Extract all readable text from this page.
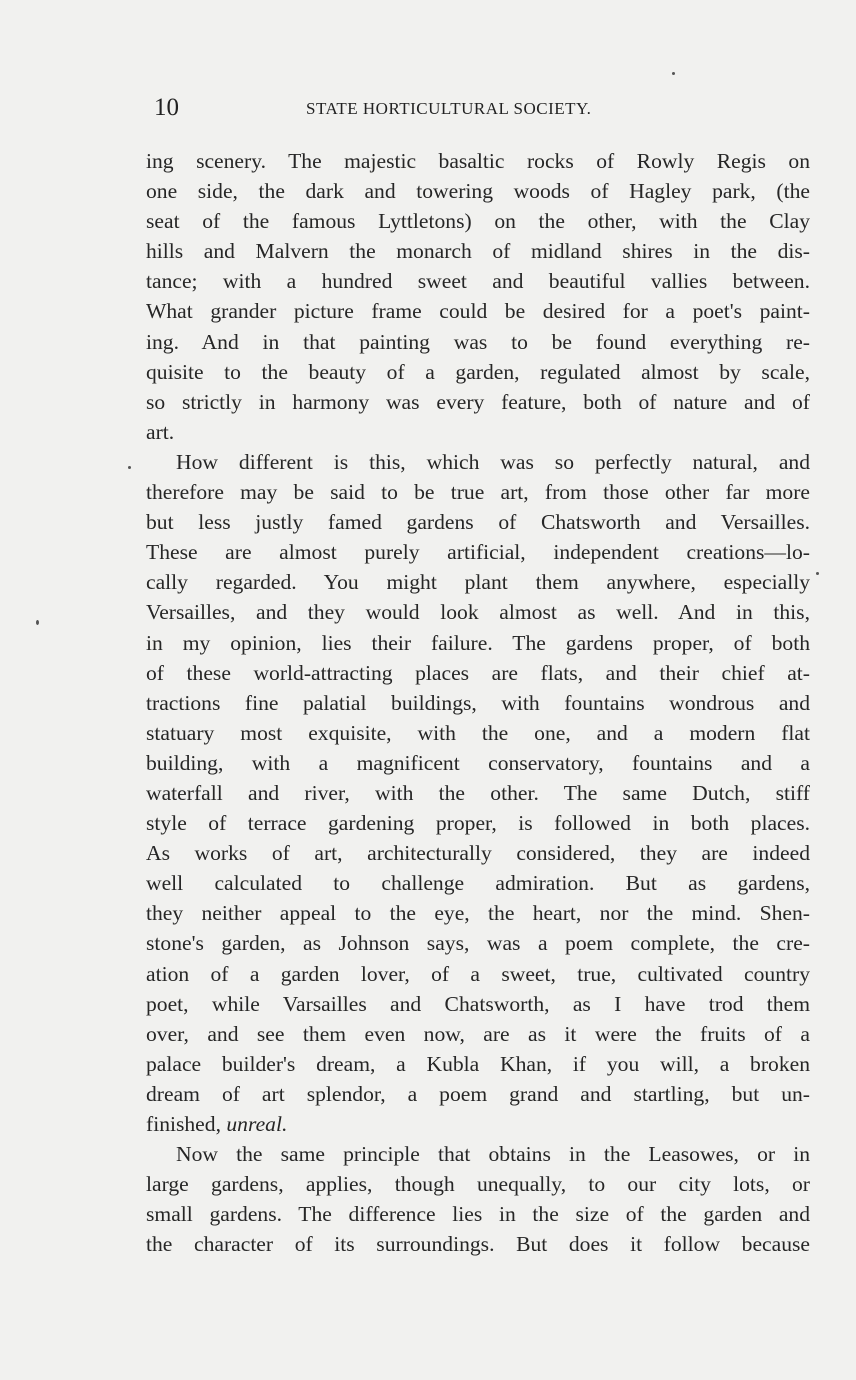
10	STATE HORTICULTURAL SOCIETY.
ing scenery. The majestic basaltic rocks of Rowly Regis on
one side, the dark and towering woods of Hagley park, (the
seat of the famous Lyttletons) on the other, with the Clay
hills and Malvern the monarch of midland shires in the dis-
tance; with a hundred sweet and beautiful vallies between.
What grander picture frame could be desired for a poet's paint-
ing. And in that painting was to be found everything re-
quisite to the beauty of a garden, regulated almost by scale,
so strictly in harmony was every feature, both of nature and of
art.
How different is this, which was so perfectly natural, and
therefore may be said to be true art, from those other far more
but less justly famed gardens of Chatsworth and Versailles.
These are almost purely artificial, independent creations—lo-
cally regarded. You might plant them anywhere, especially
Versailles, and they would look almost as well. And in this,
in my opinion, lies their failure. The gardens proper, of both
of these world-attracting places are flats, and their chief at-
tractions fine palatial buildings, with fountains wondrous and
statuary most exquisite, with the one, and a modern flat
building, with a magnificent conservatory, fountains and a
waterfall and river, with the other. The same Dutch, stiff
style of terrace gardening proper, is followed in both places.
As works of art, architecturally considered, they are indeed
well calculated to challenge admiration. But as gardens,
they neither appeal to the eye, the heart, nor the mind. Shen-
stone's garden, as Johnson says, was a poem complete, the cre-
ation of a garden lover, of a sweet, true, cultivated country
poet, while Varsailles and Chatsworth, as I have trod them
over, and see them even now, are as it were the fruits of a
palace builder's dream, a Kubla Khan, if you will, a broken
dream of art splendor, a poem grand and startling, but un-
finished, unreal.
Now the same principle that obtains in the Leasowes, or in
large gardens, applies, though unequally, to our city lots, or
small gardens. The difference lies in the size of the garden and
the character of its surroundings. But does it follow because
